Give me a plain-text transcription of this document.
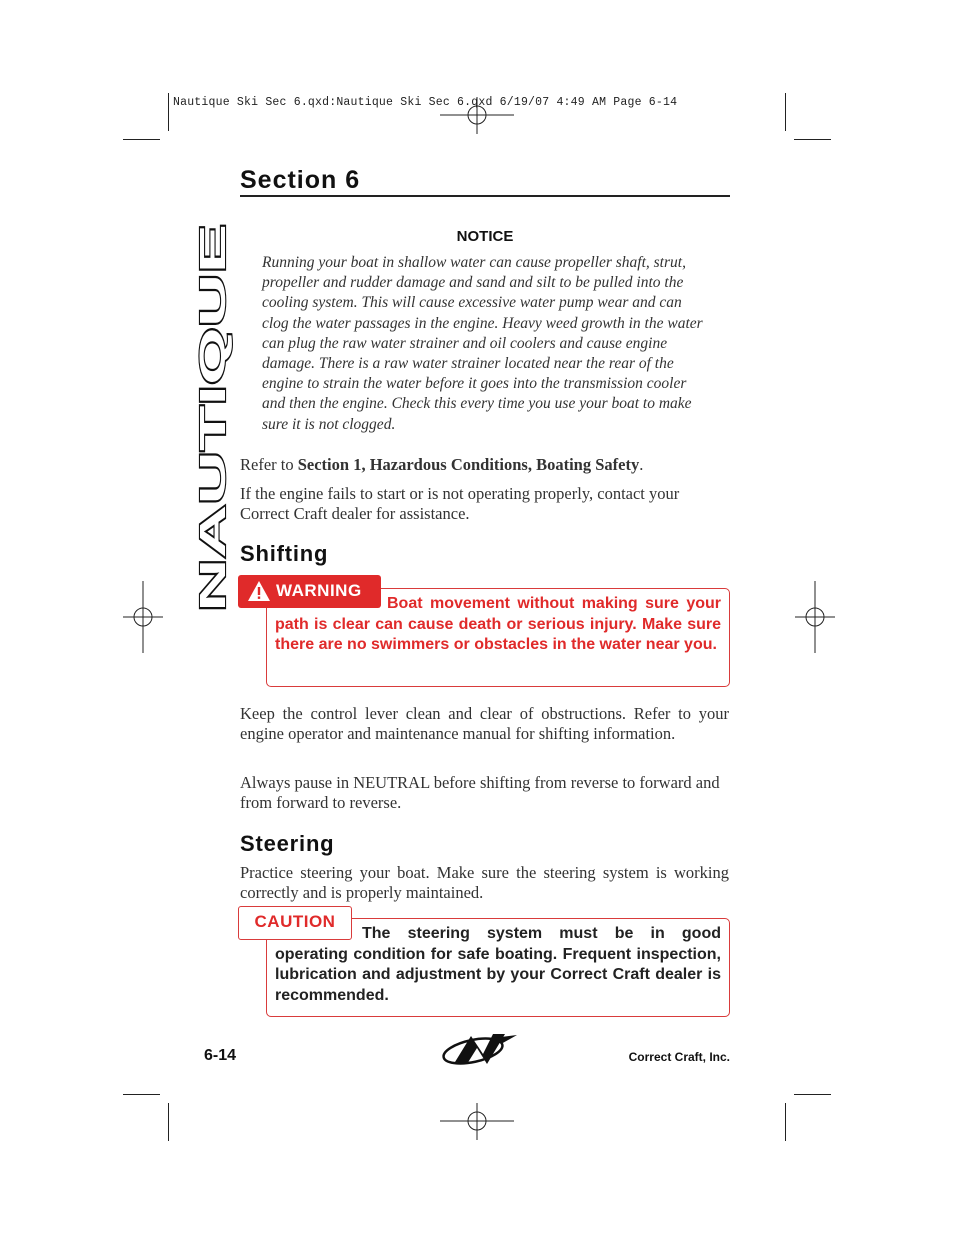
Nautique Ski Sec 6.qxd:Nautique Ski Sec 6.qxd 6/19/07 4:49 AM Page 6-14
Section 6
NAUTIQUE
NOTICE
Running your boat in shallow water can cause propeller shaft, strut, propeller and rudder damage and sand and silt to be pulled into the cooling system. This will cause excessive water pump wear and can clog the water passages in the engine. Heavy weed growth in the water can plug the raw water strainer and oil coolers and cause engine damage. There is a raw water strainer located near the rear of the engine to strain the water before it goes into the transmission cooler and then the engine. Check this every time you use your boat to make sure it is not clogged.
Refer to Section 1, Hazardous Conditions, Boating Safety.
If the engine fails to start or is not operating properly, contact your Correct Craft dealer for assistance.
Shifting
WARNING
Boat movement without making sure your path is clear can cause death or serious injury. Make sure there are no swimmers or obstacles in the water near you.
Keep the control lever clean and clear of obstructions. Refer to your engine operator and maintenance manual for shifting information.
Always pause in NEUTRAL before shifting from reverse to forward and from forward to reverse.
Steering
Practice steering your boat. Make sure the steering system is working correctly and is properly maintained.
CAUTION
The steering system must be in good operating condition for safe boating. Frequent inspection, lubrication and adjustment by your Correct Craft dealer is recommended.
6-14	Correct Craft, Inc.
